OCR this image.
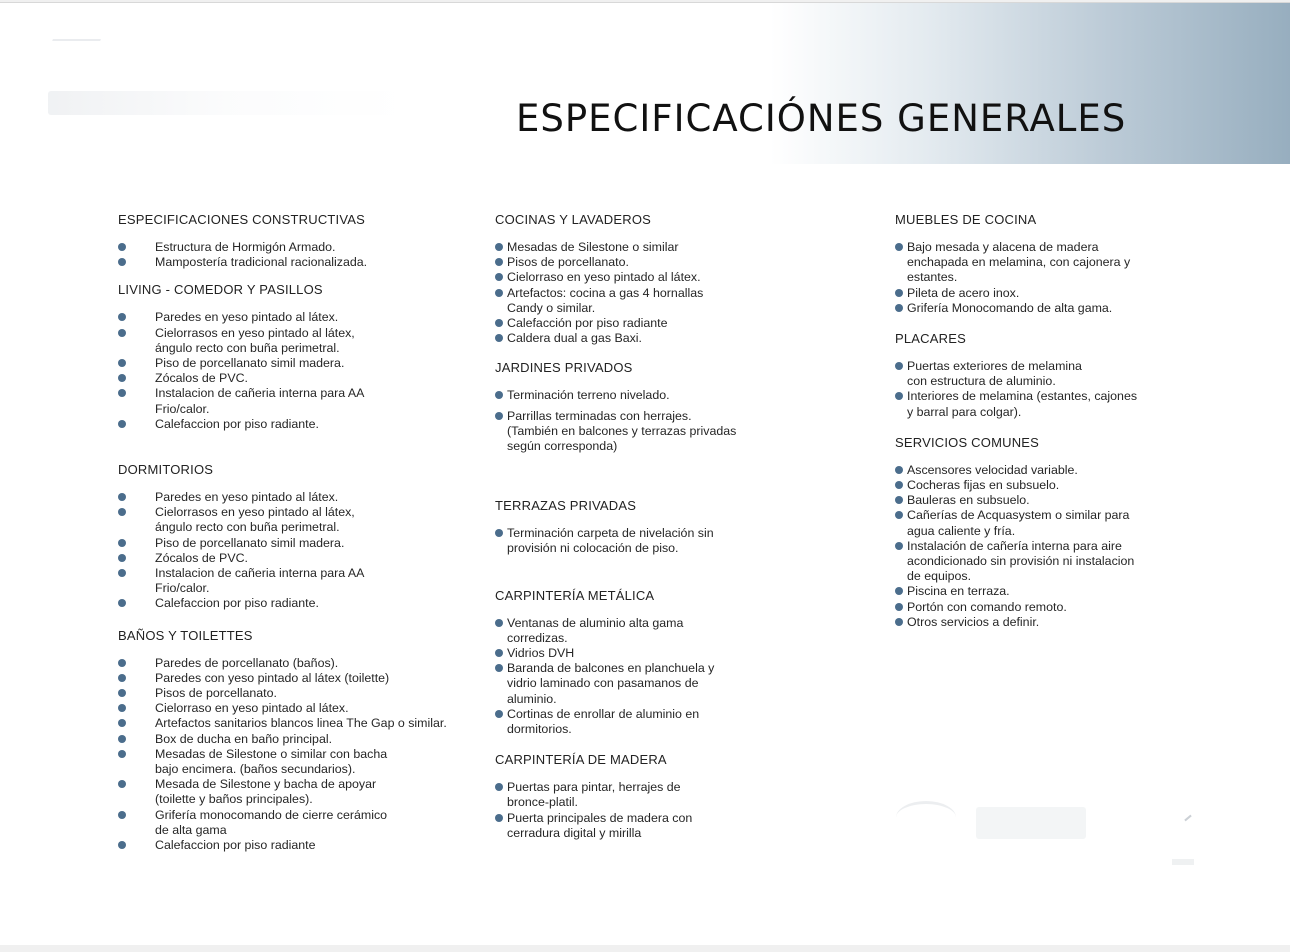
ESPECIFICACIÓNES GENERALES
ESPECIFICACIONES CONSTRUCTIVAS
Estructura de Hormigón Armado.
Mampostería tradicional racionalizada.
LIVING - COMEDOR Y PASILLOS
Paredes en yeso pintado al látex.
Cielorrasos en yeso pintado al látex,
ángulo recto con buña perimetral.
Piso de porcellanato simil madera.
Zócalos de PVC.
Instalacion de cañeria interna para AA
Frio/calor.
Calefaccion por piso radiante.
DORMITORIOS
Paredes en yeso pintado al látex.
Cielorrasos en yeso pintado al látex,
ángulo recto con buña perimetral.
Piso de porcellanato simil madera.
Zócalos de PVC.
Instalacion de cañeria interna para AA
Frio/calor.
Calefaccion por piso radiante.
BAÑOS Y TOILETTES
Paredes de porcellanato (baños).
Paredes con yeso pintado al látex (toilette)
Pisos de porcellanato.
Cielorraso en yeso pintado al látex.
Artefactos sanitarios blancos linea The Gap o similar.
Box de ducha en baño principal.
Mesadas de Silestone o similar con bacha
bajo encimera. (baños secundarios).
Mesada de Silestone y bacha de apoyar
(toilette y baños principales).
Grifería monocomando de cierre cerámico
de alta gama
Calefaccion por piso radiante
COCINAS Y LAVADEROS
Mesadas de Silestone o similar
Pisos de porcellanato.
Cielorraso en yeso pintado al látex.
Artefactos: cocina a gas 4 hornallas
Candy o similar.
Calefacción por piso radiante
Caldera dual a gas Baxi.
JARDINES PRIVADOS
Terminación terreno nivelado.
Parrillas terminadas con herrajes.
(También en balcones y terrazas privadas
según corresponda)
TERRAZAS PRIVADAS
Terminación carpeta de nivelación sin
provisión ni colocación de piso.
CARPINTERÍA METÁLICA
Ventanas de aluminio alta gama
corredizas.
Vidrios DVH
Baranda de balcones en planchuela y
vidrio laminado con pasamanos de
aluminio.
Cortinas de enrollar de aluminio en
dormitorios.
CARPINTERÍA DE MADERA
Puertas para pintar, herrajes de
bronce-platil.
Puerta principales de madera con
cerradura digital y mirilla
MUEBLES DE COCINA
Bajo mesada y alacena de madera
enchapada en melamina, con cajonera y
estantes.
Pileta de acero inox.
Grifería Monocomando de alta gama.
PLACARES
Puertas exteriores de melamina
con estructura de aluminio.
Interiores de melamina (estantes, cajones
y barral para colgar).
SERVICIOS COMUNES
Ascensores velocidad variable.
Cocheras fijas en subsuelo.
Bauleras en subsuelo.
Cañerías de Acquasystem o similar para
agua caliente y fría.
Instalación de cañería interna para aire
acondicionado sin provisión ni instalacion
de equipos.
Piscina en terraza.
Portón con comando remoto.
Otros servicios a definir.
